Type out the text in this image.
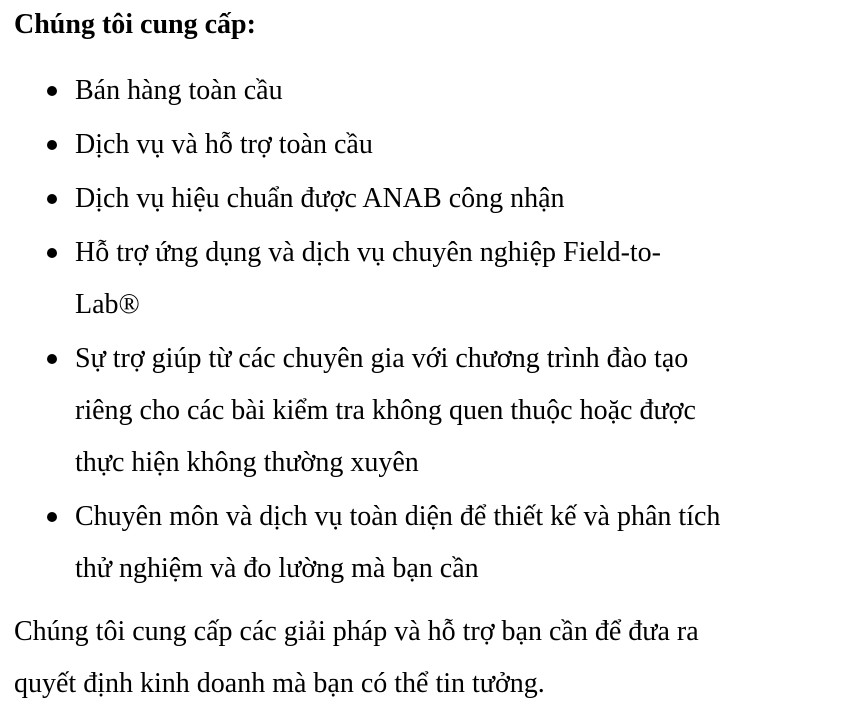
Chúng tôi cung cấp:

Bán hàng toàn cầu
Dịch vụ và hỗ trợ toàn cầu
Dịch vụ hiệu chuẩn được ANAB công nhận
Hỗ trợ ứng dụng và dịch vụ chuyên nghiệp Field-to-
Lab®
Sự trợ giúp từ các chuyên gia với chương trình đào tạo
riêng cho các bài kiểm tra không quen thuộc hoặc được
thực hiện không thường xuyên
Chuyên môn và dịch vụ toàn diện để thiết kế và phân tích
thử nghiệm và đo lường mà bạn cần
Chúng tôi cung cấp các giải pháp và hỗ trợ bạn cần để đưa ra
quyết định kinh doanh mà bạn có thể tin tưởng.
